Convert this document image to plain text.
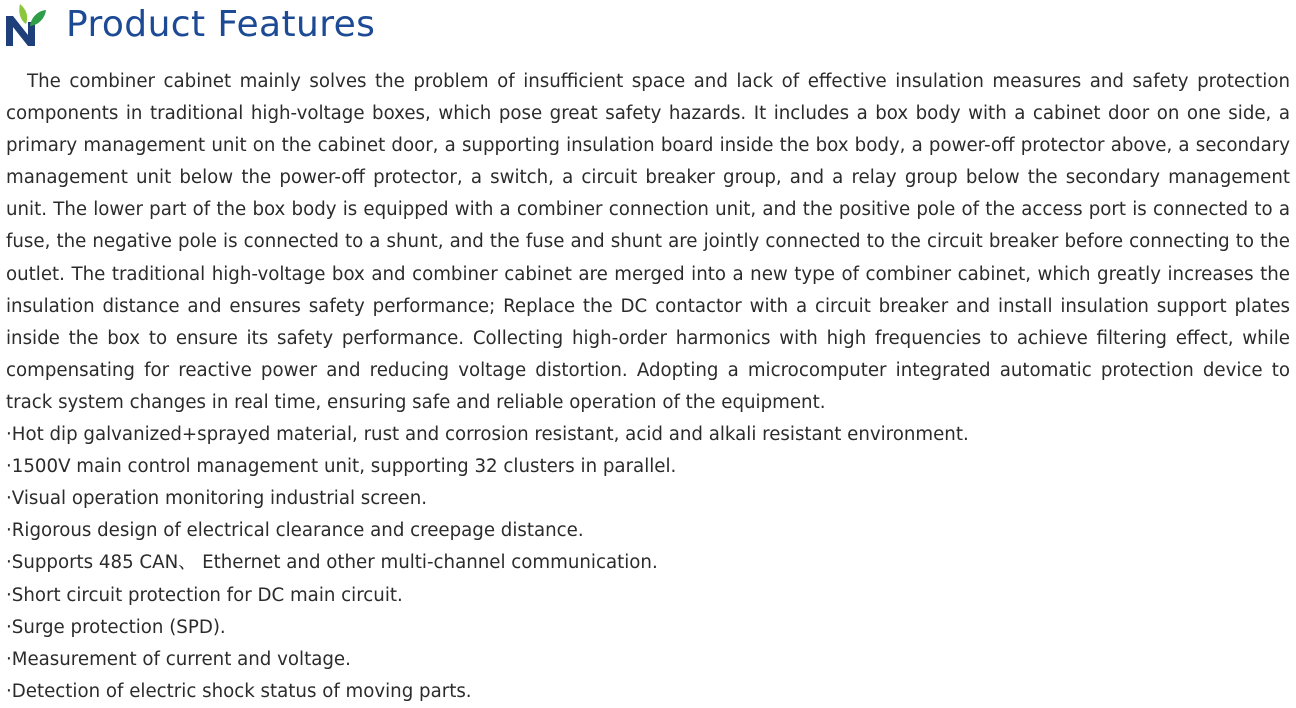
Product Features

The combiner cabinet mainly solves the problem of insufficient space and lack of effective insulation measures and safety protection components in traditional high-voltage boxes, which pose great safety hazards. It includes a box body with a cabinet door on one side, a primary management unit on the cabinet door, a supporting insulation board inside the box body, a power-off protector above, a secondary management unit below the power-off protector, a switch, a circuit breaker group, and a relay group below the secondary management unit. The lower part of the box body is equipped with a combiner connection unit, and the positive pole of the access port is connected to a fuse, the negative pole is connected to a shunt, and the fuse and shunt are jointly connected to the circuit breaker before connecting to the outlet. The traditional high-voltage box and combiner cabinet are merged into a new type of combiner cabinet, which greatly increases the insulation distance and ensures safety performance; Replace the DC contactor with a circuit breaker and install insulation support plates inside the box to ensure its safety performance. Collecting high-order harmonics with high frequencies to achieve filtering effect, while compensating for reactive power and reducing voltage distortion. Adopting a microcomputer integrated automatic protection device to track system changes in real time, ensuring safe and reliable operation of the equipment.

·Hot dip galvanized+sprayed material, rust and corrosion resistant, acid and alkali resistant environment.
·1500V main control management unit, supporting 32 clusters in parallel.
·Visual operation monitoring industrial screen.
·Rigorous design of electrical clearance and creepage distance.
·Supports 485 CAN、 Ethernet and other multi-channel communication.
·Short circuit protection for DC main circuit.
·Surge protection (SPD).
·Measurement of current and voltage.
·Detection of electric shock status of moving parts.
